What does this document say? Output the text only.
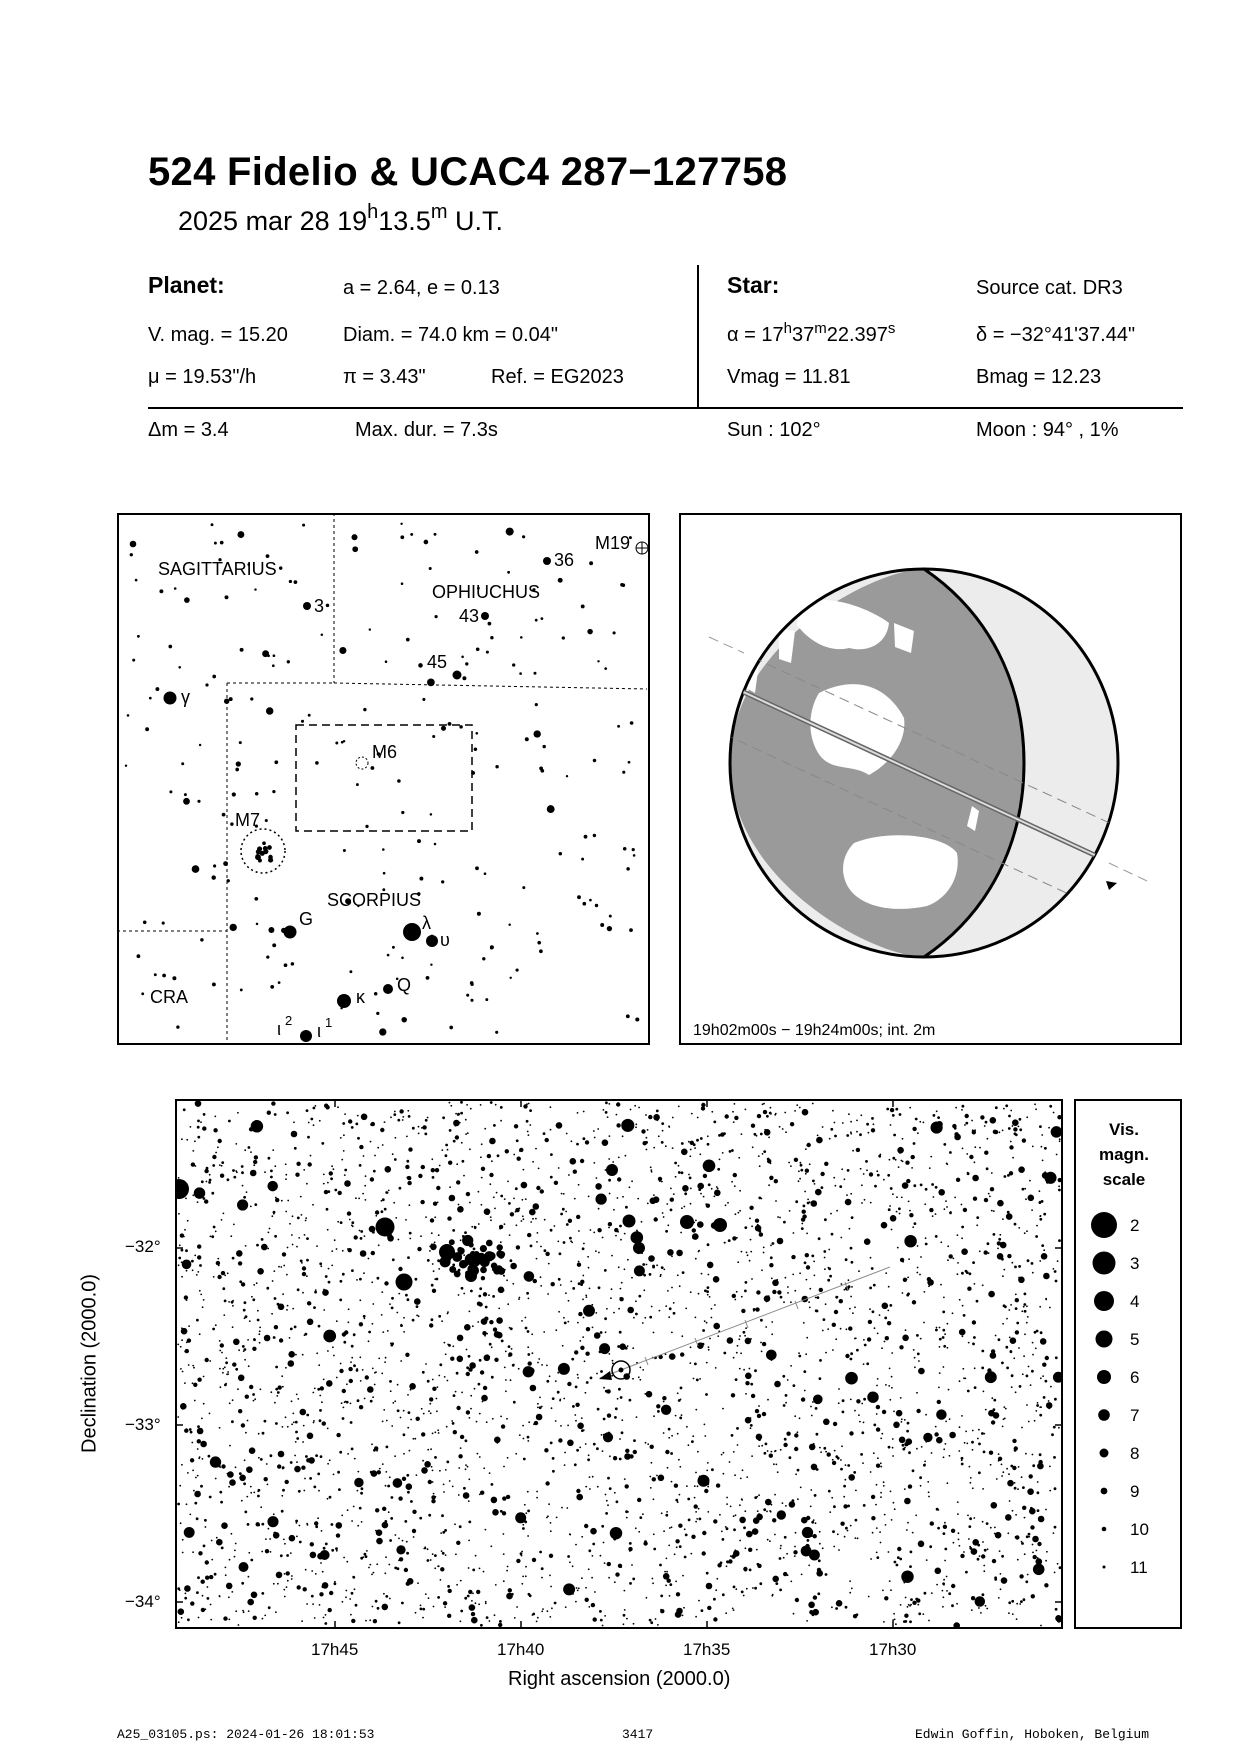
524 Fidelio & UCAC4 287−127758
2025 mar 28 19$^h$13.5$^m$ U.T.
Planet:	a = 2.64, e = 0.13	Star:	Source cat. DR3
V. mag. = 15.20	Diam. = 74.0 km = 0.04"	$\alpha = 17^h37^m22.397^s$	δ = −32°41'37.44"
μ = 19.53"/h	π = 3.43"	Ref. = EG2023	Vmag = 11.81	Bmag = 12.23
Δm = 3.4	Max. dur. = 7.3s	Sun : 102°	Moon : 94° , 1%
SAGITTARIUS
OPHIUCHUS
SCORPIUS
CRA
M19
M6
M7
36
3	43
45
γ
G	λ
υ
Q
κ
ι 2
ι 1	19h02m00s − 19h24m00s; int. 2m
−32°
−33°
−34°
17h45	17h40	17h35	17h30
Right ascension (2000.0)
Declination (2000.0)
Vis.
magn.
scale
2
3
4
5
6
7
8
9
10
11
A25_03105.ps: 2024-01-26 18:01:53	3417	Edwin Goffin, Hoboken, Belgium
